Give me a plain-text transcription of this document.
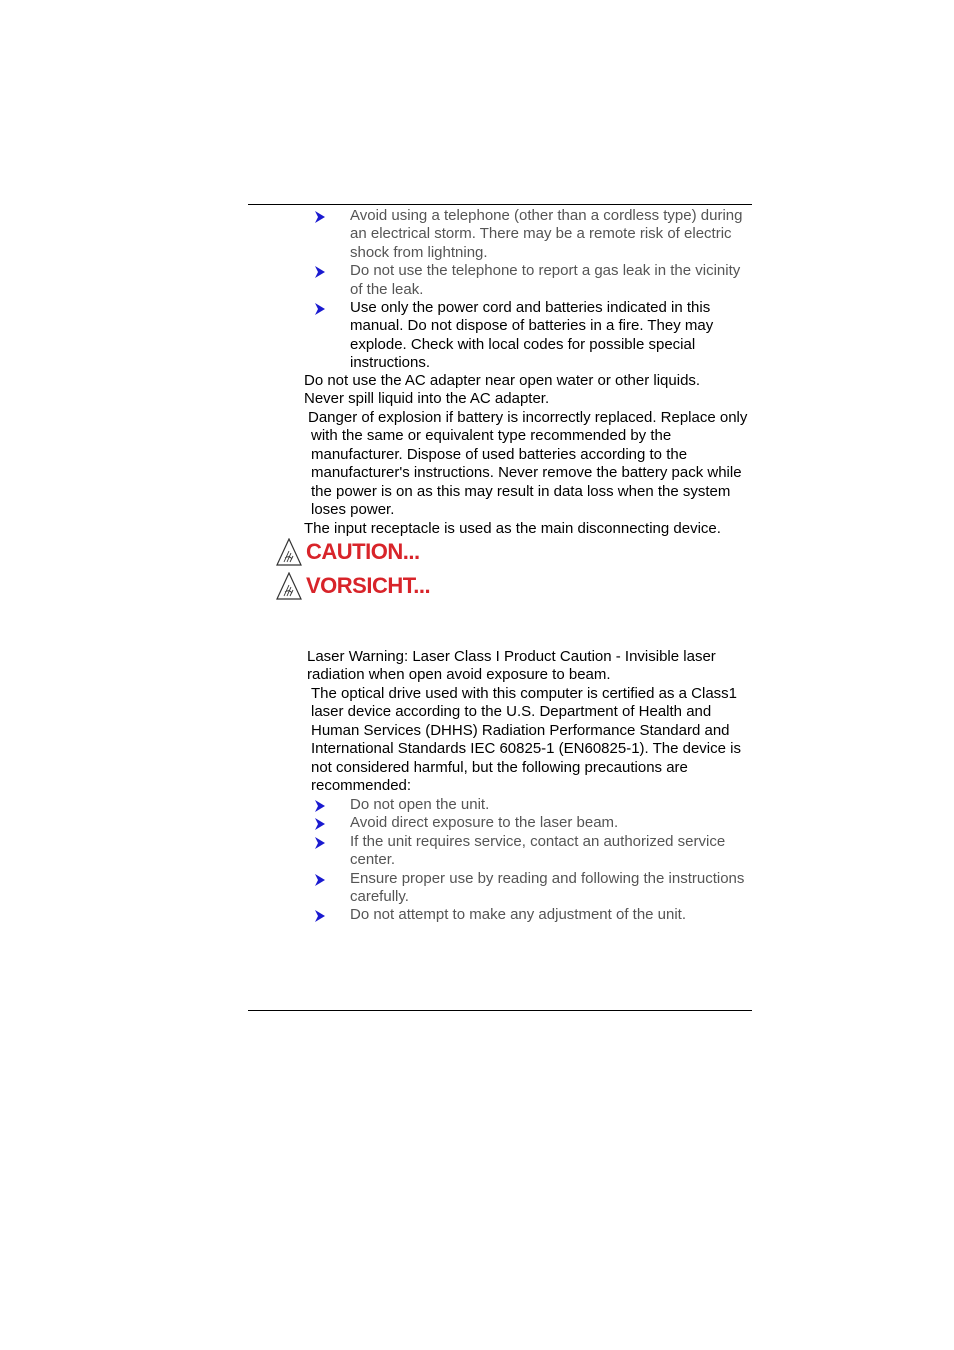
Avoid using a telephone (other than a cordless type) during an electrical storm. There may be a remote risk of electric shock from lightning.
Do not use the telephone to report a gas leak in the vicinity of the leak.
Use only the power cord and batteries indicated in this manual. Do not dispose of batteries in a fire. They may explode. Check with local codes for possible special instructions.

Do not use the AC adapter near open water or other liquids. Never spill liquid into the AC adapter.

Danger of explosion if battery is incorrectly replaced. Replace only with the same or equivalent type recommended by the manufacturer. Dispose of used batteries according to the manufacturer's instructions. Never remove the battery pack while the power is on as this may result in data loss when the system loses power.

The input receptacle is used as the main disconnecting device.

CAUTION...
VORSICHT...

Laser Warning: Laser Class I Product Caution - Invisible laser radiation when open avoid exposure to beam.

The optical drive used with this computer is certified as a Class1 laser device according to the U.S. Department of Health and Human Services (DHHS) Radiation Performance Standard and International Standards IEC 60825-1 (EN60825-1). The device is not considered harmful, but the following precautions are recommended:

Do not open the unit.
Avoid direct exposure to the laser beam.
If the unit requires service, contact an authorized service center.
Ensure proper use by reading and following the instructions carefully.
Do not attempt to make any adjustment of the unit.
